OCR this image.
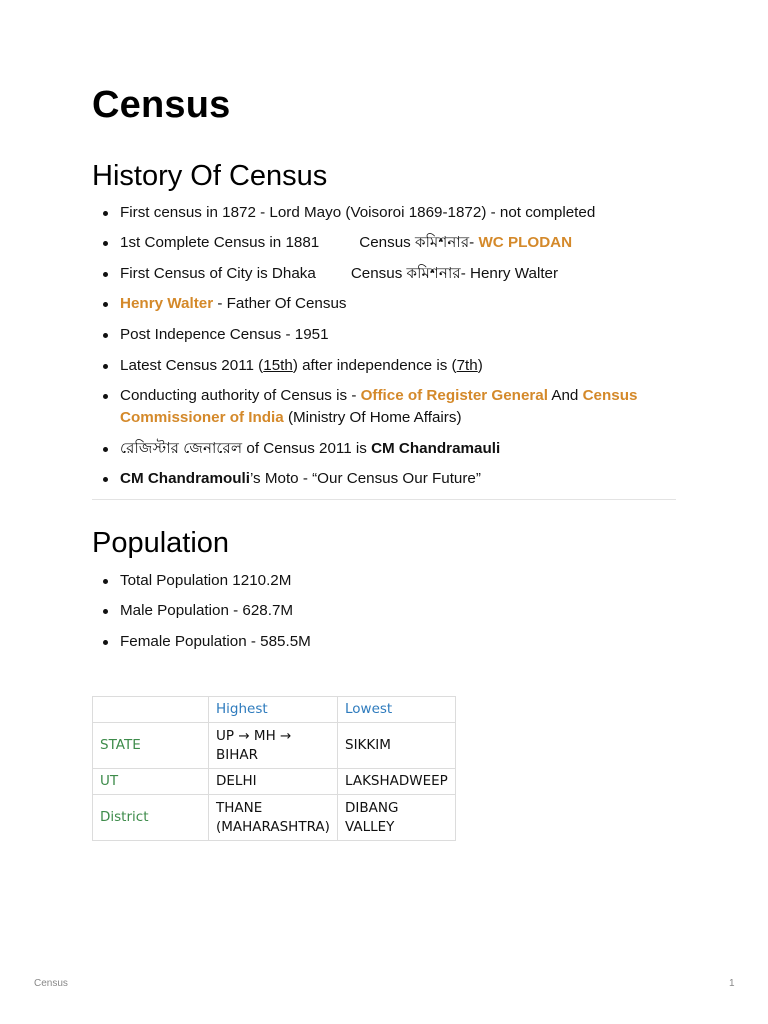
Census
History Of Census
First census in 1872 - Lord Mayo (Voisoroi 1869-1872) - not completed
1st Complete Census in 1881	Census কমিশনার- WC PLODAN
First Census of City is Dhaka Census কমিশনার- Henry Walter
Henry Walter - Father Of Census
Post Indepence Census - 1951
Latest Census 2011 (15th) after independence is (7th)
Conducting authority of Census is - Office of Register General And Census Commissioner of India (Ministry Of Home Affairs)
রেজিস্টার জেনারেল of Census 2011 is CM Chandramauli
CM Chandramouli’s Moto - “Our Census Our Future”
Population
Total Population 1210.2M
Male Population - 628.7M
Female Population - 585.5M
	Highest	Lowest
STATE	UP → MH → BIHAR	SIKKIM
UT	DELHI	LAKSHADWEEP
District	THANE (MAHARASHTRA)	DIBANG VALLEY
Census	1
